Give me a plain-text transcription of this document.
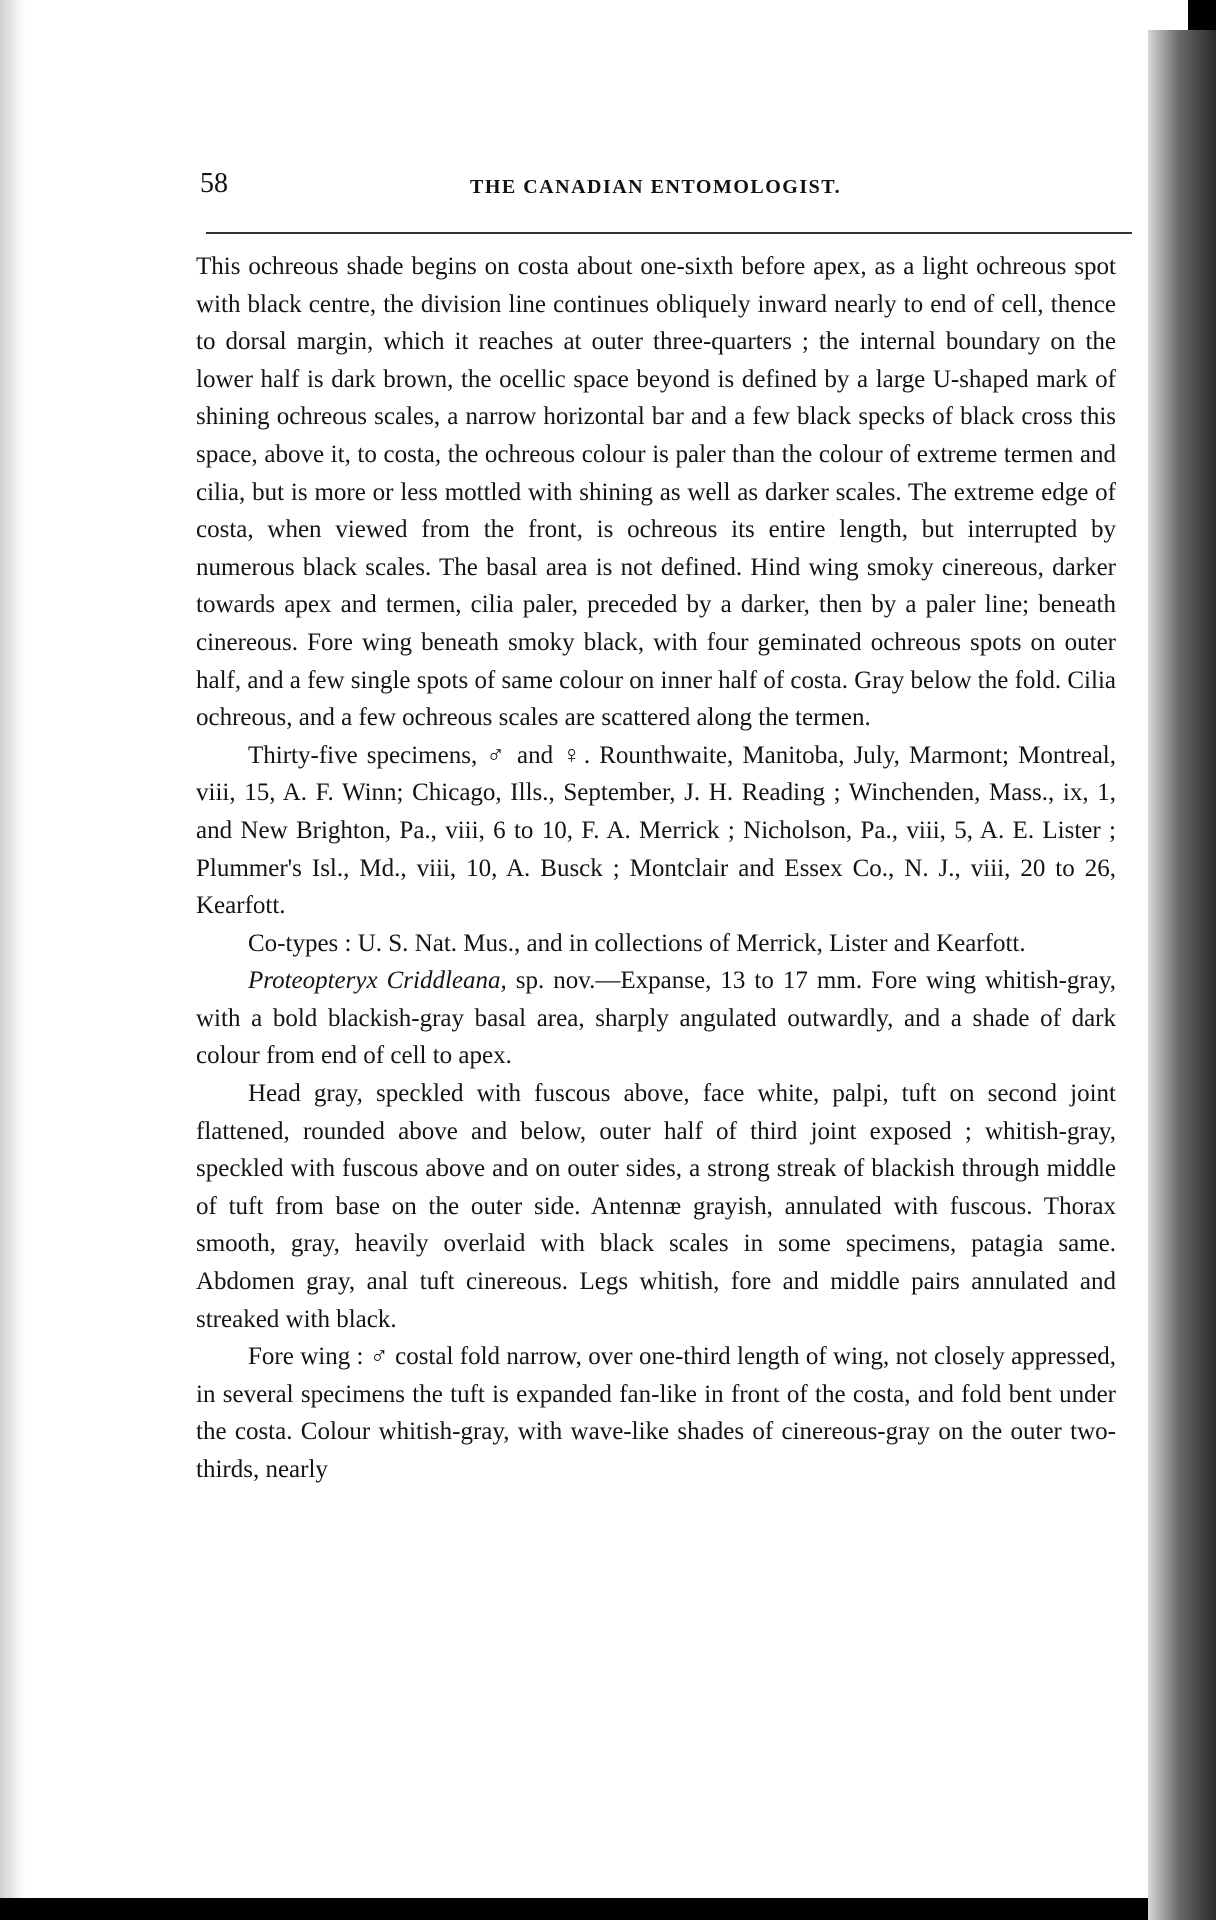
58	THE CANADIAN ENTOMOLOGIST.

This ochreous shade begins on costa about one-sixth before apex, as a light ochreous spot with black centre, the division line continues obliquely inward nearly to end of cell, thence to dorsal margin, which it reaches at outer three-quarters ; the internal boundary on the lower half is dark brown, the ocellic space beyond is defined by a large U-shaped mark of shining ochreous scales, a narrow horizontal bar and a few black specks of black cross this space, above it, to costa, the ochreous colour is paler than the colour of extreme termen and cilia, but is more or less mottled with shining as well as darker scales. The extreme edge of costa, when viewed from the front, is ochreous its entire length, but interrupted by numerous black scales. The basal area is not defined. Hind wing smoky cinereous, darker towards apex and termen, cilia paler, preceded by a darker, then by a paler line; beneath cinereous. Fore wing beneath smoky black, with four geminated ochreous spots on outer half, and a few single spots of same colour on inner half of costa. Gray below the fold. Cilia ochreous, and a few ochreous scales are scattered along the termen.

Thirty-five specimens, ♂ and ♀. Rounthwaite, Manitoba, July, Marmont; Montreal, viii, 15, A. F. Winn; Chicago, Ills., September, J. H. Reading ; Winchenden, Mass., ix, 1, and New Brighton, Pa., viii, 6 to 10, F. A. Merrick ; Nicholson, Pa., viii, 5, A. E. Lister ; Plummer's Isl., Md., viii, 10, A. Busck ; Montclair and Essex Co., N. J., viii, 20 to 26, Kearfott.

Co-types : U. S. Nat. Mus., and in collections of Merrick, Lister and Kearfott.

Proteopteryx Criddleana, sp. nov.—Expanse, 13 to 17 mm. Fore wing whitish-gray, with a bold blackish-gray basal area, sharply angulated outwardly, and a shade of dark colour from end of cell to apex.

Head gray, speckled with fuscous above, face white, palpi, tuft on second joint flattened, rounded above and below, outer half of third joint exposed ; whitish-gray, speckled with fuscous above and on outer sides, a strong streak of blackish through middle of tuft from base on the outer side. Antennæ grayish, annulated with fuscous. Thorax smooth, gray, heavily overlaid with black scales in some specimens, patagia same. Abdomen gray, anal tuft cinereous. Legs whitish, fore and middle pairs annulated and streaked with black.

Fore wing : ♂ costal fold narrow, over one-third length of wing, not closely appressed, in several specimens the tuft is expanded fan-like in front of the costa, and fold bent under the costa. Colour whitish-gray, with wave-like shades of cinereous-gray on the outer two-thirds, nearly
